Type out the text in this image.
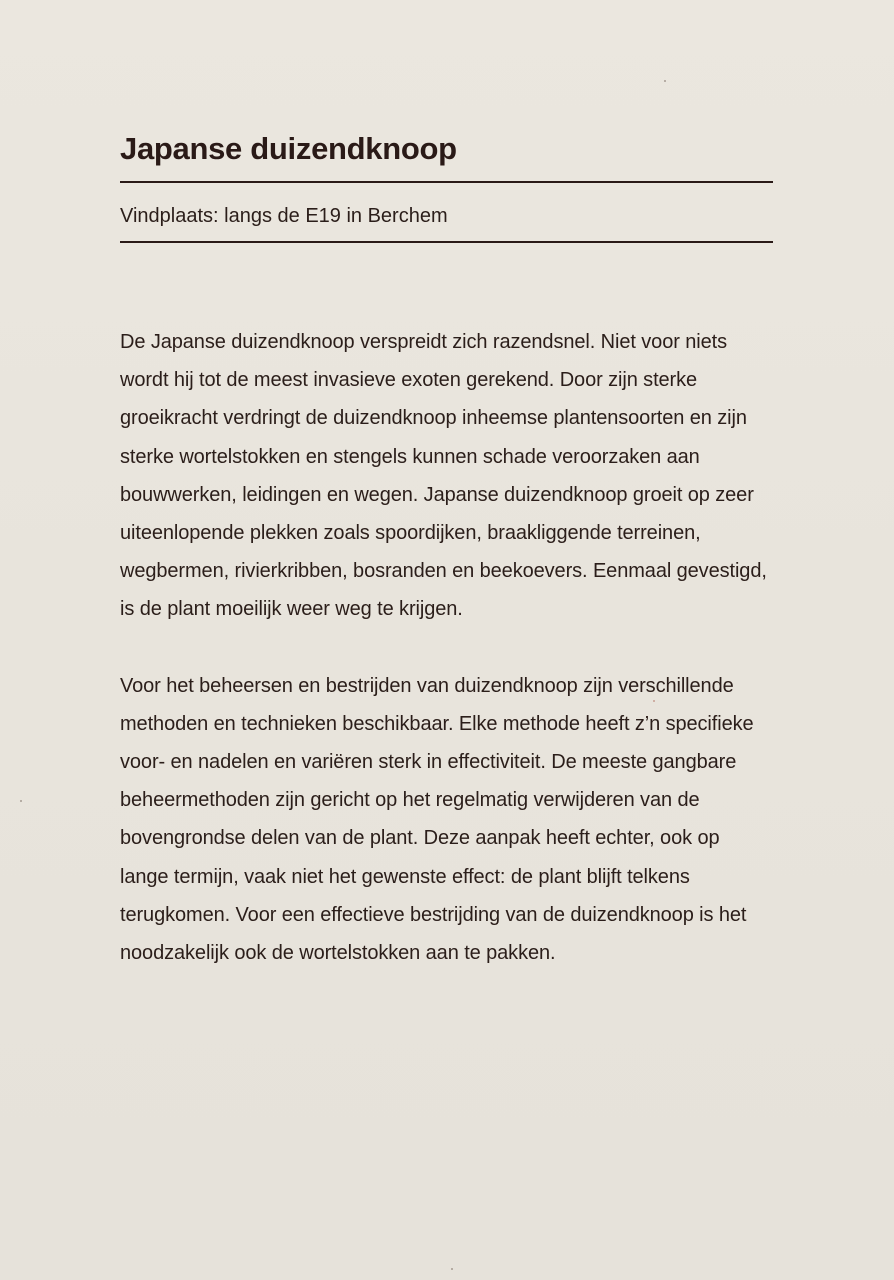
Japanse duizendknoop
Vindplaats: langs de E19 in Berchem

De Japanse duizendknoop verspreidt zich razendsnel. Niet voor niets wordt hij tot de meest invasieve exoten gerekend. Door zijn sterke groeikracht verdringt de duizendknoop inheemse plantensoorten en zijn sterke wortelstokken en stengels kunnen schade veroorzaken aan bouwwerken, leidingen en wegen. Japanse duizendknoop groeit op zeer uiteenlopende plekken zoals spoordijken, braakliggende terreinen, wegbermen, rivierkribben, bosranden en beekoevers. Eenmaal gevestigd, is de plant moeilijk weer weg te krijgen.

Voor het beheersen en bestrijden van duizendknoop zijn verschillende methoden en technieken beschikbaar. Elke methode heeft z’n specifieke voor- en nadelen en variëren sterk in effectiviteit. De meeste gangbare beheermethoden zijn gericht op het regelmatig verwijderen van de bovengrondse delen van de plant. Deze aanpak heeft echter, ook op lange termijn, vaak niet het gewenste effect: de plant blijft telkens terugkomen. Voor een effectieve bestrijding van de duizendknoop is het noodzakelijk ook de wortelstokken aan te pakken.
